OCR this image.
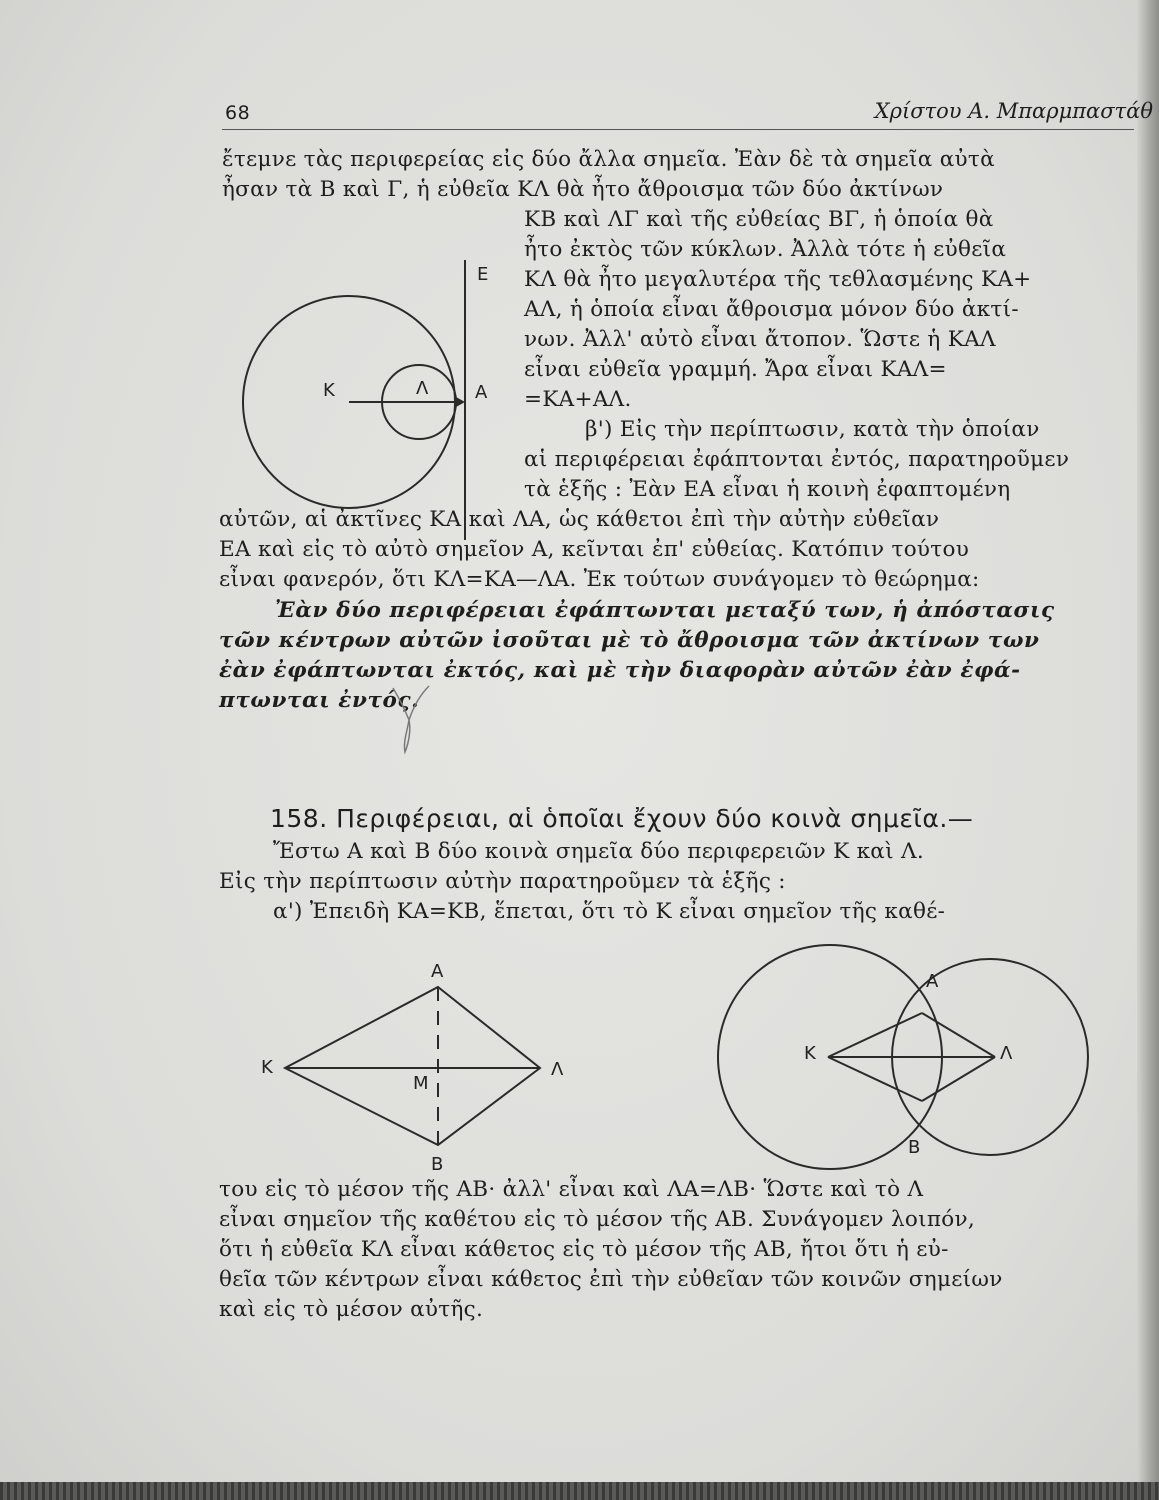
68	Χρίστου Α. Μπαρμπαστάθ
ἔτεμνε τὰς περιφερείας εἰς δύο ἄλλα σημεῖα. Ἐὰν δὲ τὰ σημεῖα αὐτὰ
ἦσαν τὰ Β καὶ Γ, ἡ εὐθεῖα ΚΛ θὰ ἦτο ἄθροισμα τῶν δύο ἀκτίνων
ΚΒ καὶ ΛΓ καὶ τῆς εὐθείας ΒΓ, ἡ ὁποία θὰ
ἦτο ἐκτὸς τῶν κύκλων. Ἀλλὰ τότε ἡ εὐθεῖα
ΚΛ θὰ ἦτο μεγαλυτέρα τῆς τεθλασμένης ΚΑ+
ΑΛ, ἡ ὁποία εἶναι ἄθροισμα μόνον δύο ἀκτί-
νων. Ἀλλ' αὐτὸ εἶναι ἄτοπον. Ὥστε ἡ ΚΑΛ
εἶναι εὐθεῖα γραμμή. Ἄρα εἶναι ΚΑΛ=
=ΚΑ+ΑΛ.
β') Εἰς τὴν περίπτωσιν, κατὰ τὴν ὁποίαν
αἱ περιφέρειαι ἐφάπτονται ἐντός, παρατηροῦμεν
τὰ ἑξῆς : Ἐὰν ΕΑ εἶναι ἡ κοινὴ ἐφαπτομένη
αὐτῶν, αἱ ἀκτῖνες ΚΑ καὶ ΛΑ, ὡς κάθετοι ἐπὶ τὴν αὐτὴν εὐθεῖαν
ΕΑ καὶ εἰς τὸ αὐτὸ σημεῖον Α, κεῖνται ἐπ' εὐθείας. Κατόπιν τούτου
εἶναι φανερόν, ὅτι ΚΛ=ΚΑ—ΛΑ. Ἐκ τούτων συνάγομεν τὸ θεώρημα:
Ἐὰν δύο περιφέρειαι ἐφάπτωνται μεταξύ των, ἡ ἀπόστασις
τῶν κέντρων αὐτῶν ἰσοῦται μὲ τὸ ἄθροισμα τῶν ἀκτίνων των
ἐὰν ἐφάπτωνται ἐκτός, καὶ μὲ τὴν διαφορὰν αὐτῶν ἐὰν ἐφά-
πτωνται ἐντός.
158. Περιφέρειαι, αἱ ὁποῖαι ἔχουν δύο κοινὰ σημεῖα.—
Ἔστω Α καὶ Β δύο κοινὰ σημεῖα δύο περιφερειῶν Κ καὶ Λ.
Εἰς τὴν περίπτωσιν αὐτὴν παρατηροῦμεν τὰ ἑξῆς :
α') Ἐπειδὴ ΚΑ=ΚΒ, ἕπεται, ὅτι τὸ Κ εἶναι σημεῖον τῆς καθέ-
του εἰς τὸ μέσον τῆς ΑΒ· ἀλλ' εἶναι καὶ ΛΑ=ΛΒ· Ὥστε καὶ τὸ Λ
εἶναι σημεῖον τῆς καθέτου εἰς τὸ μέσον τῆς ΑΒ. Συνάγομεν λοιπόν,
ὅτι ἡ εὐθεῖα ΚΛ εἶναι κάθετος εἰς τὸ μέσον τῆς ΑΒ, ἤτοι ὅτι ἡ εὐ-
θεῖα τῶν κέντρων εἶναι κάθετος ἐπὶ τὴν εὐθεῖαν τῶν κοινῶν σημείων
καὶ εἰς τὸ μέσον αὐτῆς.
Ε
Κ	Λ	Α
Α
Β
Κ	Λ
Μ
Α
Β
Κ	Λ
